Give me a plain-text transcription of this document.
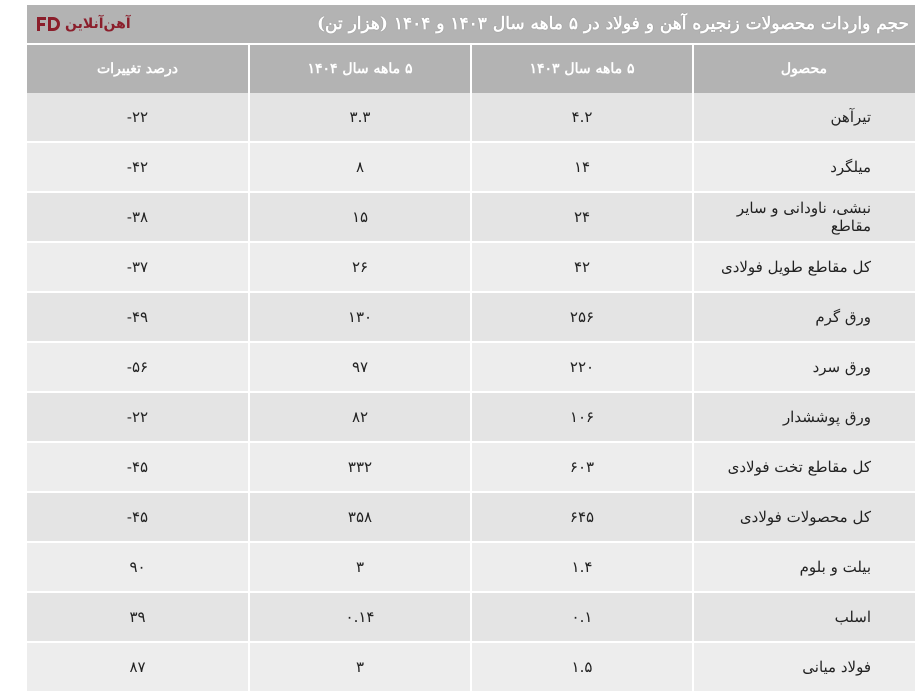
حجم واردات محصولات زنجیره آهن و فولاد در ۵ ماهه سال ۱۴۰۳ و ۱۴۰۴ (هزار تن)
آهن‌آنلاین
محصول	۵ ماهه سال ۱۴۰۳	۵ ماهه سال ۱۴۰۴	درصد تغییرات
تیرآهن	۴.۲	۳.۳	-۲۲
میلگرد	۱۴	۸	-۴۲
نبشی، ناودانی و سایر مقاطع	۲۴	۱۵	-۳۸
کل مقاطع طویل فولادی	۴۲	۲۶	-۳۷
ورق گرم	۲۵۶	۱۳۰	-۴۹
ورق سرد	۲۲۰	۹۷	-۵۶
ورق پوششدار	۱۰۶	۸۲	-۲۲
کل مقاطع تخت فولادی	۶۰۳	۳۳۲	-۴۵
کل محصولات فولادی	۶۴۵	۳۵۸	-۴۵
بیلت و بلوم	۱.۴	۳	۹۰
اسلب	۰.۱	۰.۱۴	۳۹
فولاد میانی	۱.۵	۳	۸۷
